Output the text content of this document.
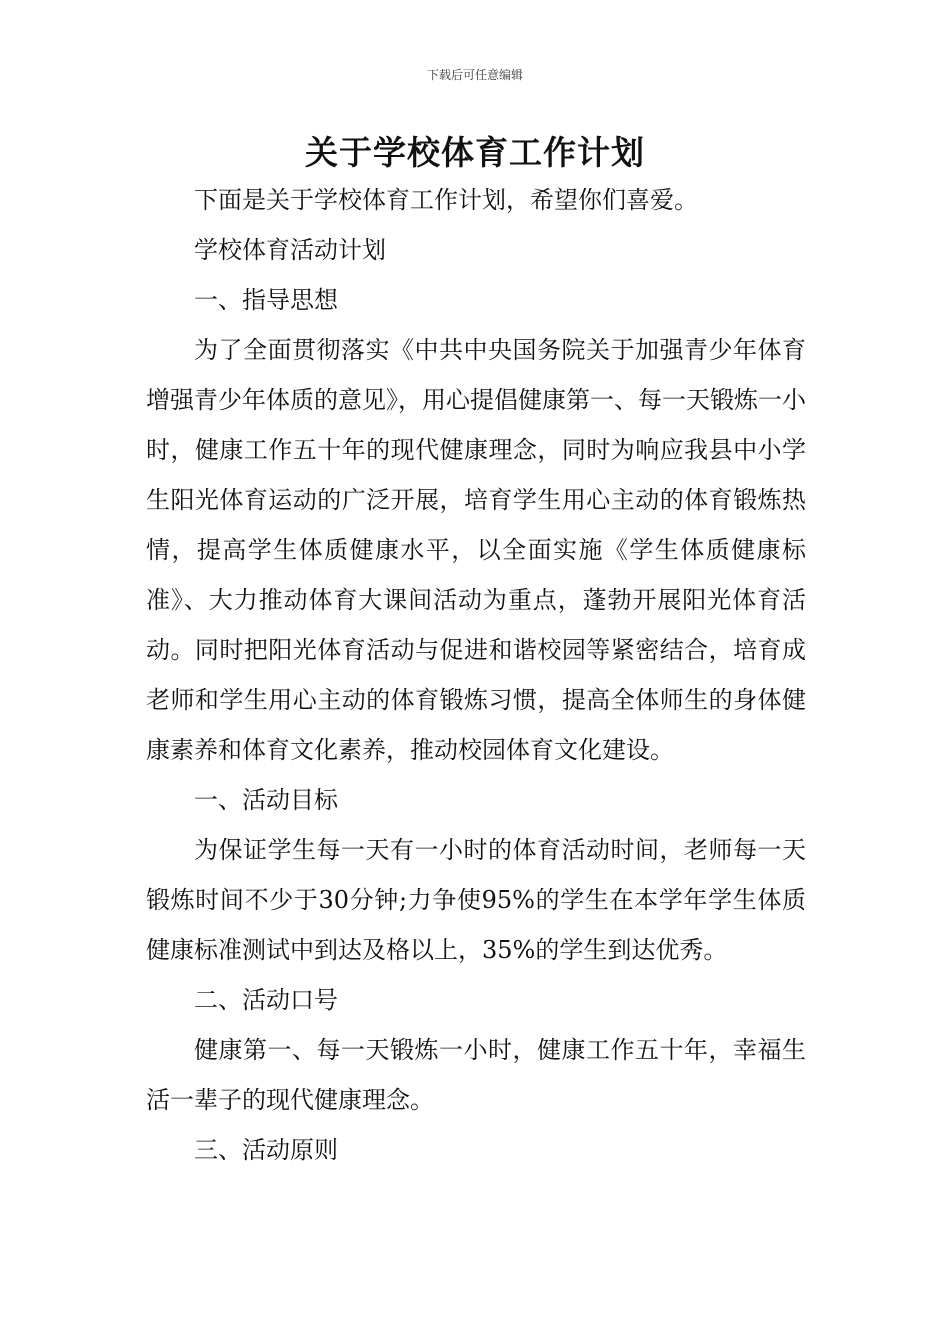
下载后可任意编辑
关于学校体育工作计划

下面是关于学校体育工作计划，希望你们喜爱。

学校体育活动计划

一、指导思想

为了全面贯彻落实《中共中央国务院关于加强青少年体育增强青少年体质的意见》，用心提倡健康第一、每一天锻炼一小时，健康工作五十年的现代健康理念，同时为响应我县中小学生阳光体育运动的广泛开展，培育学生用心主动的体育锻炼热情，提高学生体质健康水平，以全面实施《学生体质健康标准》、大力推动体育大课间活动为重点，蓬勃开展阳光体育活动。同时把阳光体育活动与促进和谐校园等紧密结合，培育成老师和学生用心主动的体育锻炼习惯，提高全体师生的身体健康素养和体育文化素养，推动校园体育文化建设。

一、活动目标

为保证学生每一天有一小时的体育活动时间，老师每一天锻炼时间不少于30分钟;力争使95%的学生在本学年学生体质健康标准测试中到达及格以上，35%的学生到达优秀。

二、活动口号

健康第一、每一天锻炼一小时，健康工作五十年，幸福生活一辈子的现代健康理念。

三、活动原则
